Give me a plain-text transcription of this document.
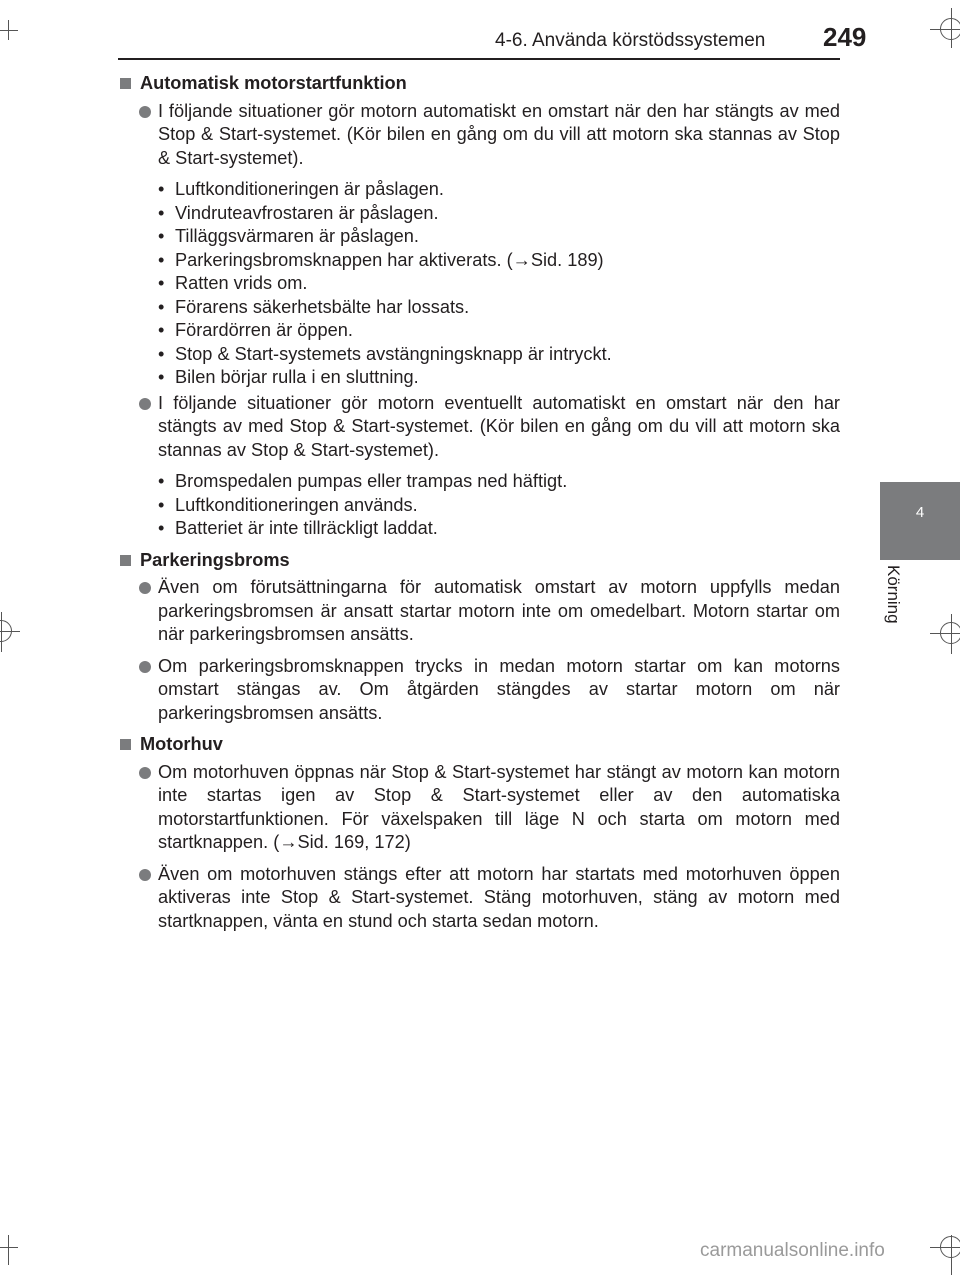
4-6. Använda körstödssystemen 249
4
Körning
Automatisk motorstartfunktion
I följande situationer gör motorn automatiskt en omstart när den har stängts av med Stop & Start-systemet. (Kör bilen en gång om du vill att motorn ska stannas av Stop & Start-systemet).
• Luftkonditioneringen är påslagen.
• Vindruteavfrostaren är påslagen.
• Tilläggsvärmaren är påslagen.
• Parkeringsbromsknappen har aktiverats. (→Sid. 189)
• Ratten vrids om.
• Förarens säkerhetsbälte har lossats.
• Förardörren är öppen.
• Stop & Start-systemets avstängningsknapp är intryckt.
• Bilen börjar rulla i en sluttning.
I följande situationer gör motorn eventuellt automatiskt en omstart när den har stängts av med Stop & Start-systemet. (Kör bilen en gång om du vill att motorn ska stannas av Stop & Start-systemet).
• Bromspedalen pumpas eller trampas ned häftigt.
• Luftkonditioneringen används.
• Batteriet är inte tillräckligt laddat.
Parkeringsbroms
Även om förutsättningarna för automatisk omstart av motorn uppfylls medan parkeringsbromsen är ansatt startar motorn inte om omedelbart. Motorn startar om när parkeringsbromsen ansätts.
Om parkeringsbromsknappen trycks in medan motorn startar om kan motorns omstart stängas av. Om åtgärden stängdes av startar motorn om när parkeringsbromsen ansätts.
Motorhuv
Om motorhuven öppnas när Stop & Start-systemet har stängt av motorn kan motorn inte startas igen av Stop & Start-systemet eller av den automatiska motorstartfunktionen. För växelspaken till läge N och starta om motorn med startknappen. (→Sid. 169, 172)
Även om motorhuven stängs efter att motorn har startats med motorhuven öppen aktiveras inte Stop & Start-systemet. Stäng motorhuven, stäng av motorn med startknappen, vänta en stund och starta sedan motorn.
carmanualsonline.info
